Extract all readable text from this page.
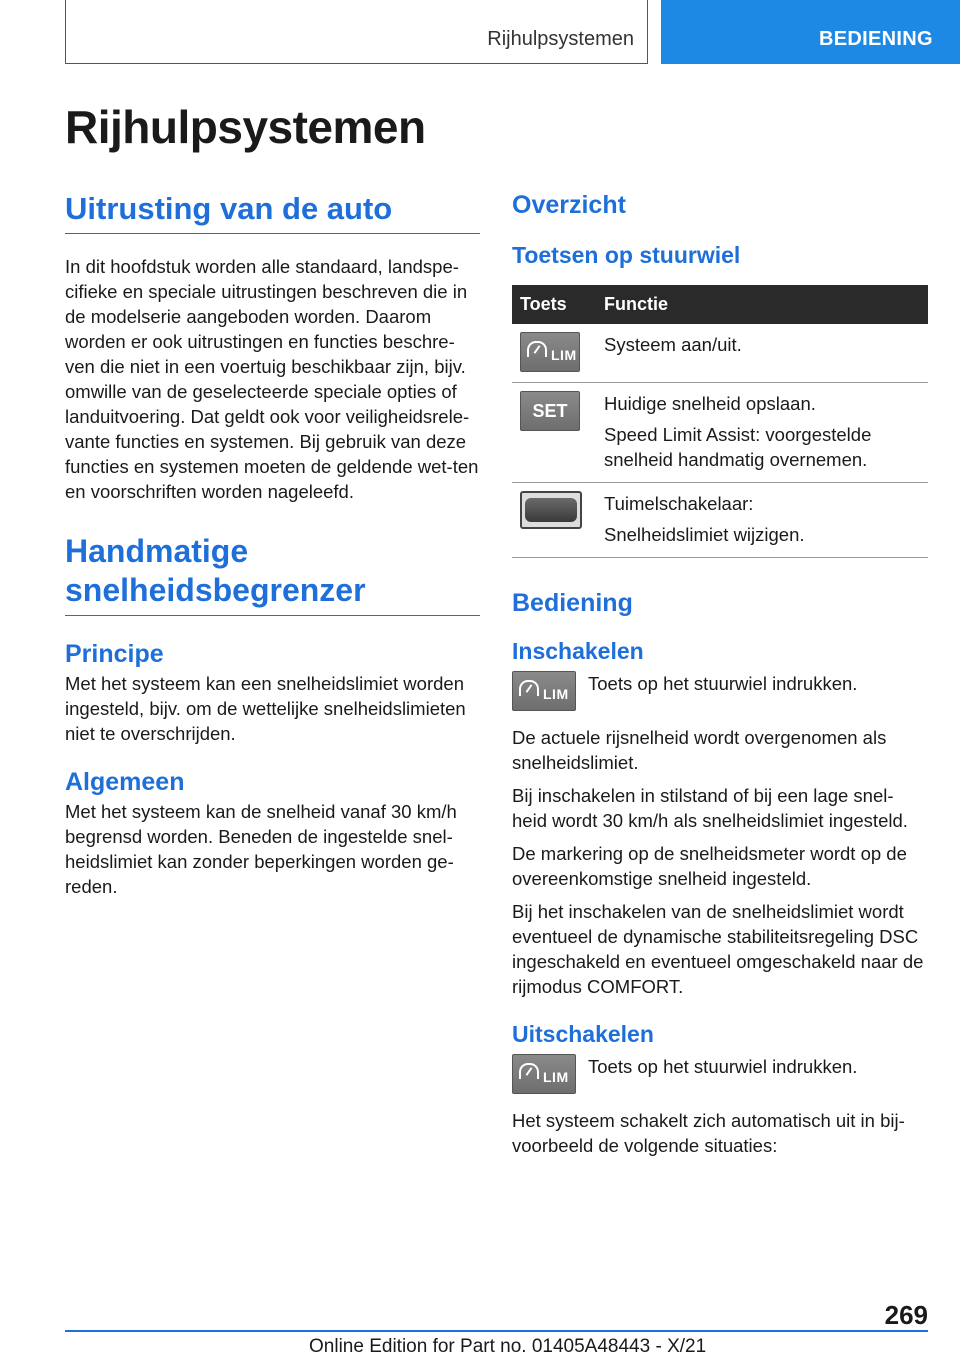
Rijhulpsystemen	BEDIENING
Rijhulpsystemen
Uitrusting van de auto

In dit hoofdstuk worden alle standaard, landspe-cifieke en speciale uitrustingen beschreven die in de modelserie aangeboden worden. Daarom worden er ook uitrustingen en functies beschre-ven die niet in een voertuig beschikbaar zijn, bijv. omwille van de geselecteerde speciale opties of landuitvoering. Dat geldt ook voor veiligheidsrele-vante functies en systemen. Bij gebruik van deze functies en systemen moeten de geldende wet-ten en voorschriften worden nageleefd.

Handmatige snelheidsbegrenzer
Principe

Met het systeem kan een snelheidslimiet worden ingesteld, bijv. om de wettelijke snelheidslimieten niet te overschrijden.

Algemeen

Met het systeem kan de snelheid vanaf 30 km/h begrensd worden. Beneden de ingestelde snel-heidslimiet kan zonder beperkingen worden ge-reden.

Overzicht
Toetsen op stuurwiel
Toets	Functie

LIM	Systeem aan/uit.

SET	Huidige snelheid opslaan.
Speed Limit Assist: voorgestelde snelheid handmatig overnemen.

	Tuimelschakelaar:
Snelheidslimiet wijzigen.
Bediening
Inschakelen
LIM Toets op het stuurwiel indrukken.

De actuele rijsnelheid wordt overgenomen als snelheidslimiet.

Bij inschakelen in stilstand of bij een lage snel-heid wordt 30 km/h als snelheidslimiet ingesteld.

De markering op de snelheidsmeter wordt op de overeenkomstige snelheid ingesteld.

Bij het inschakelen van de snelheidslimiet wordt eventueel de dynamische stabiliteitsregeling DSC ingeschakeld en eventueel omgeschakeld naar de rijmodus COMFORT.

Uitschakelen
LIM Toets op het stuurwiel indrukken.

Het systeem schakelt zich automatisch uit in bij-voorbeeld de volgende situaties:

269
Online Edition for Part no. 01405A48443 - X/21
